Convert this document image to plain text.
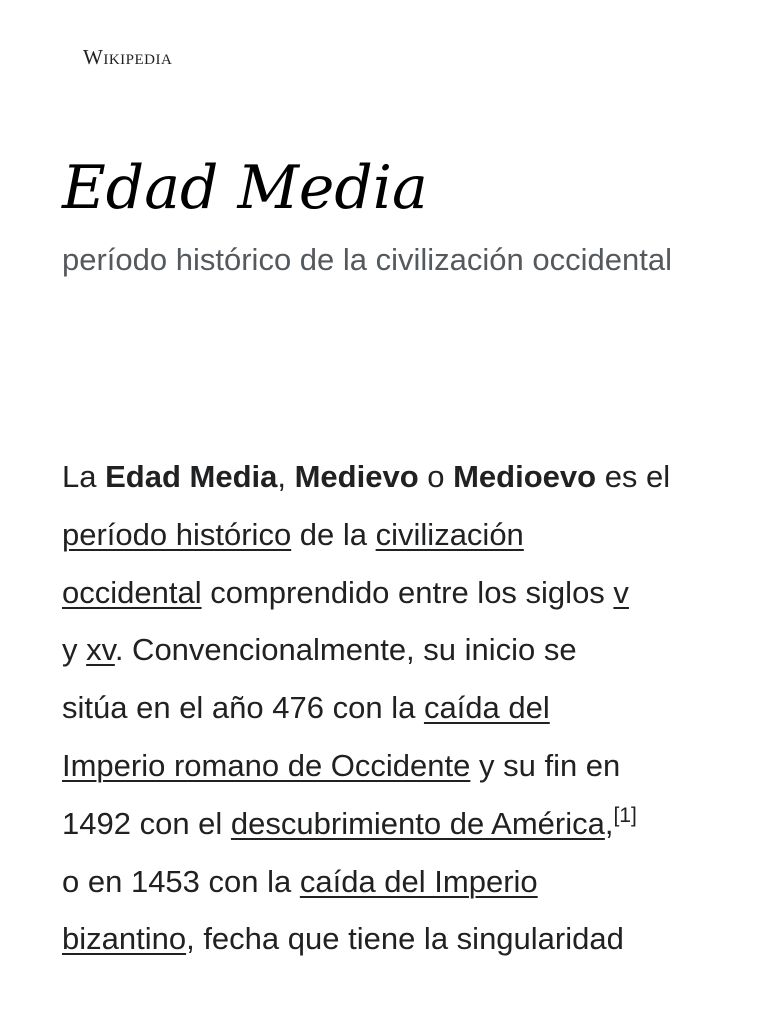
Wikipedia
Edad Media
período histórico de la civilización occidental

La Edad Media, Medievo o Medioevo es el
período histórico de la civilización
occidental comprendido entre los siglos v
y xv. Convencionalmente, su inicio se
sitúa en el año 476 con la caída del
Imperio romano de Occidente y su fin en
1492 con el descubrimiento de América,[1]
o en 1453 con la caída del Imperio
bizantino, fecha que tiene la singularidad
